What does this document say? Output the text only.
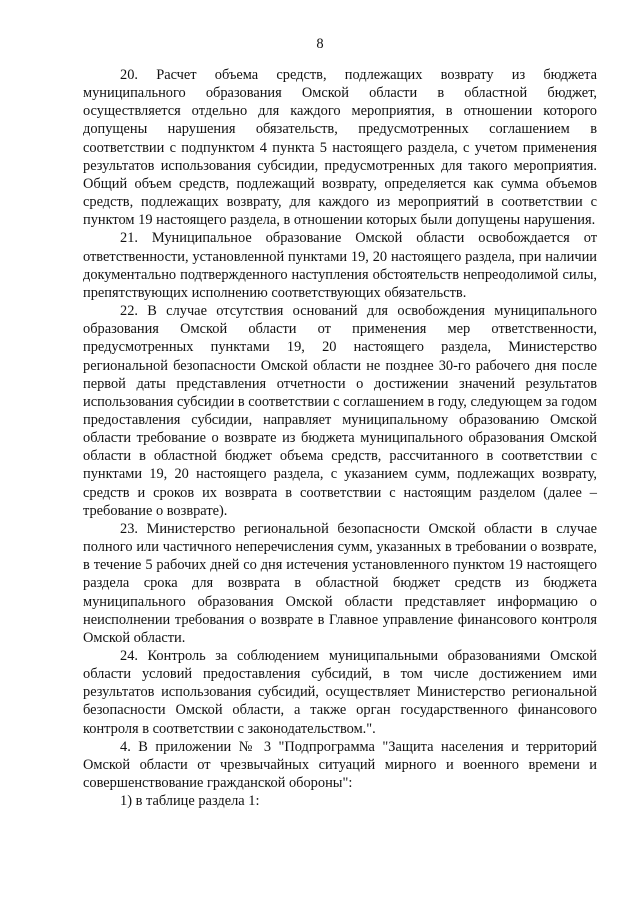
8

20. Расчет объема средств, подлежащих возврату из бюджета муниципального образования Омской области в областной бюджет, осуществляется отдельно для каждого мероприятия, в отношении которого допущены нарушения обязательств, предусмотренных соглашением в соответствии с подпунктом 4 пункта 5 настоящего раздела, с учетом применения результатов использования субсидии, предусмотренных для такого мероприятия. Общий объем средств, подлежащий возврату, определяется как сумма объемов средств, подлежащих возврату, для каждого из мероприятий в соответствии с пунктом 19 настоящего раздела, в отношении которых были допущены нарушения.

21. Муниципальное образование Омской области освобождается от ответственности, установленной пунктами 19, 20 настоящего раздела, при наличии документально подтвержденного наступления обстоятельств непреодолимой силы, препятствующих исполнению соответствующих обязательств.

22. В случае отсутствия оснований для освобождения муниципального образования Омской области от применения мер ответственности, предусмотренных пунктами 19, 20 настоящего раздела, Министерство региональной безопасности Омской области не позднее 30-го рабочего дня после первой даты представления отчетности о достижении значений результатов использования субсидии в соответствии с соглашением в году, следующем за годом предоставления субсидии, направляет муниципальному образованию Омской области требование о возврате из бюджета муниципального образования Омской области в областной бюджет объема средств, рассчитанного в соответствии с пунктами 19, 20 настоящего раздела, с указанием сумм, подлежащих возврату, средств и сроков их возврата в соответствии с настоящим разделом (далее – требование о возврате).

23. Министерство региональной безопасности Омской области в случае полного или частичного неперечисления сумм, указанных в требовании о возврате, в течение 5 рабочих дней со дня истечения установленного пунктом 19 настоящего раздела срока для возврата в областной бюджет средств из бюджета муниципального образования Омской области представляет информацию о неисполнении требования о возврате в Главное управление финансового контроля Омской области.

24. Контроль за соблюдением муниципальными образованиями Омской области условий предоставления субсидий, в том числе достижением ими результатов использования субсидий, осуществляет Министерство региональной безопасности Омской области, а также орган государственного финансового контроля в соответствии с законодательством.".

4. В приложении № 3 "Подпрограмма "Защита населения и территорий Омской области от чрезвычайных ситуаций мирного и военного времени и совершенствование гражданской обороны":

1) в таблице раздела 1:
